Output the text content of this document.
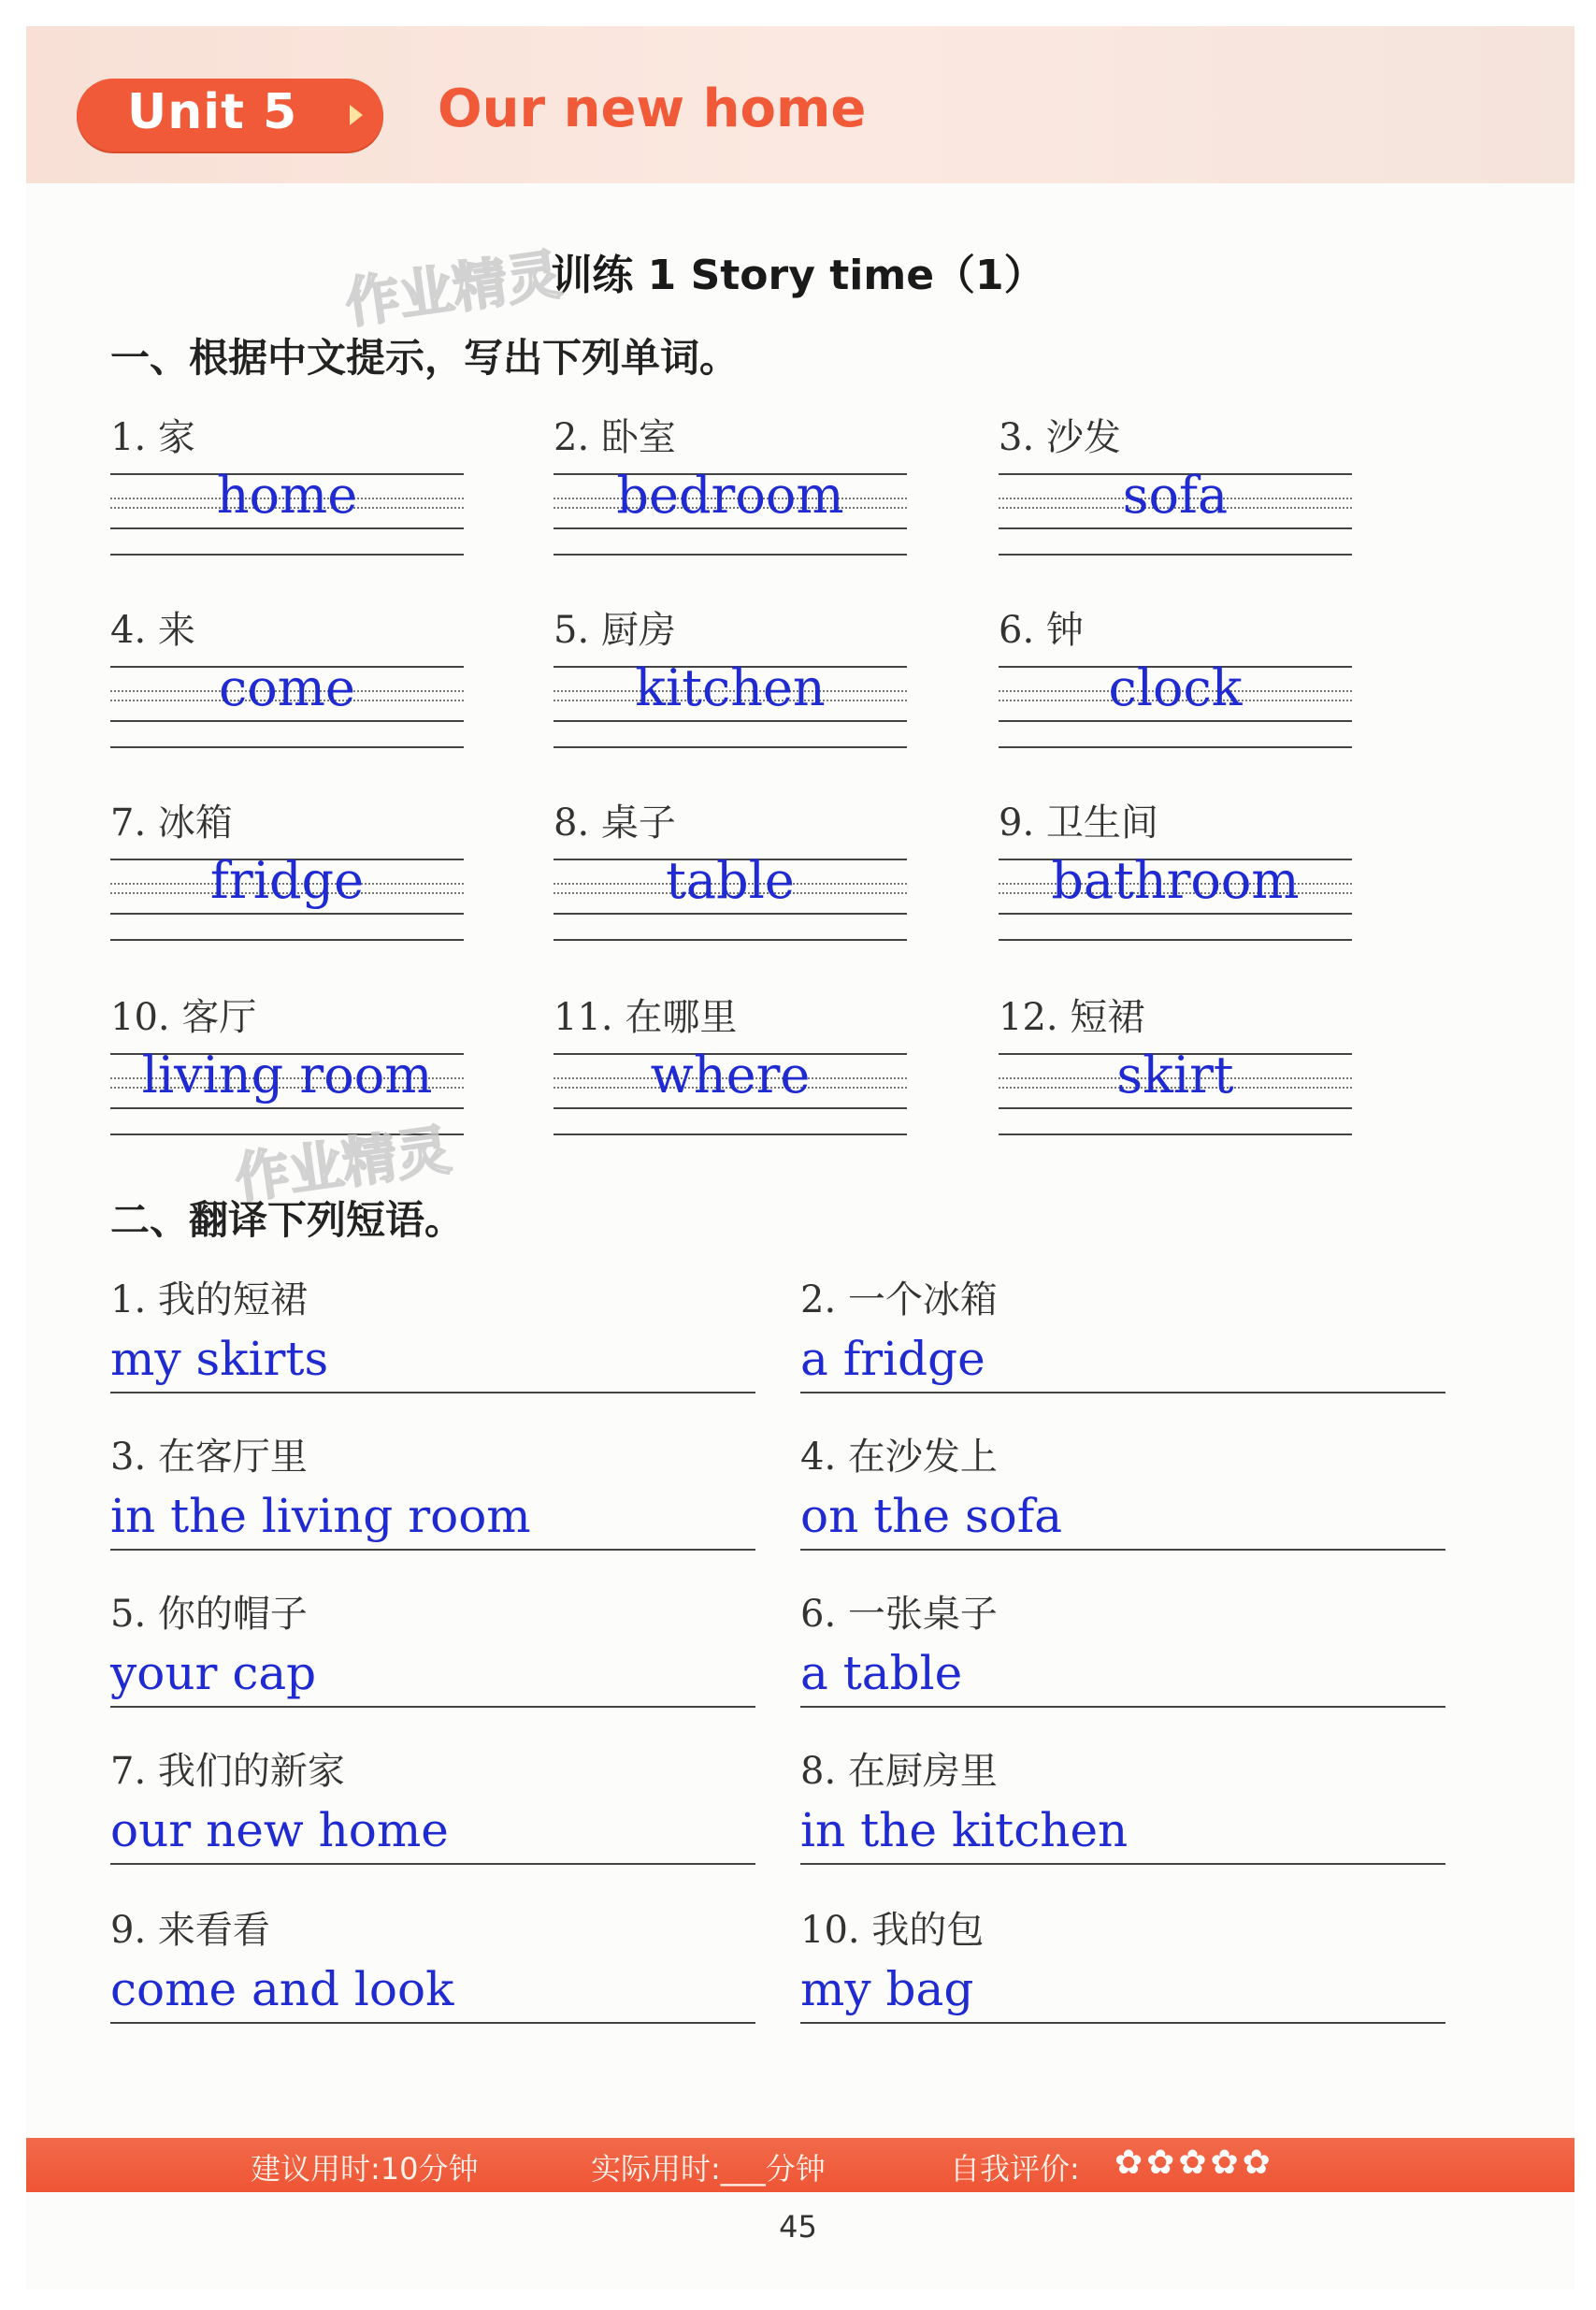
Unit 5	Our new home
训练 1 Story time（1）
作业精灵
一、根据中文提示，写出下列单词。
1. 家
home
2. 卧室
bedroom
3. 沙发
sofa
4. 来
come
5. 厨房
kitchen
6. 钟
clock
7. 冰箱
fridge
8. 桌子
table
9. 卫生间
bathroom
10. 客厅
living room
11. 在哪里
where
12. 短裙
skirt
作业精灵
二、翻译下列短语。
1. 我的短裙
my skirts
2. 一个冰箱
a fridge
3. 在客厅里
in the living room
4. 在沙发上
on the sofa
5. 你的帽子
your cap
6. 一张桌子
a table
7. 我们的新家
our new home
8. 在厨房里
in the kitchen
9. 来看看
come and look
10. 我的包
my bag
建议用时:10分钟	实际用时:___分钟	自我评价: ✿✿✿✿✿
45
